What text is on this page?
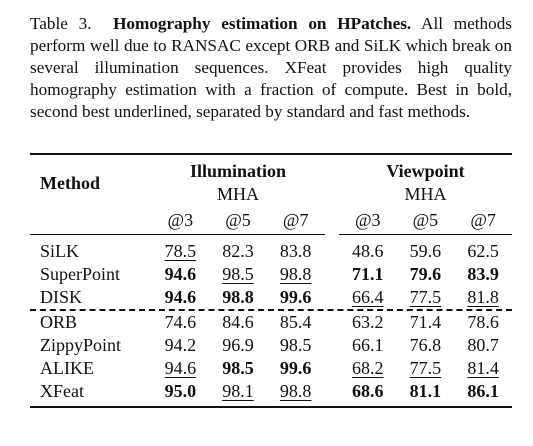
Table 3. Homography estimation on HPatches. All methods perform well due to RANSAC except ORB and SiLK which break on several illumination sequences. XFeat provides high quality homography estimation with a fraction of compute. Best in bold, second best underlined, separated by standard and fast methods.
Method	Illumination				Viewpoint		
	MHA				MHA		
	@3	@5	@7		@3	@5	@7
SiLK	78.5	82.3	83.8		48.6	59.6	62.5
SuperPoint	94.6	98.5	98.8		71.1	79.6	83.9
DISK	94.6	98.8	99.6		66.4	77.5	81.8

ORB	74.6	84.6	85.4		63.2	71.4	78.6
ZippyPoint	94.2	96.9	98.5		66.1	76.8	80.7
ALIKE	94.6	98.5	99.6		68.2	77.5	81.4
XFeat	95.0	98.1	98.8		68.6	81.1	86.1
